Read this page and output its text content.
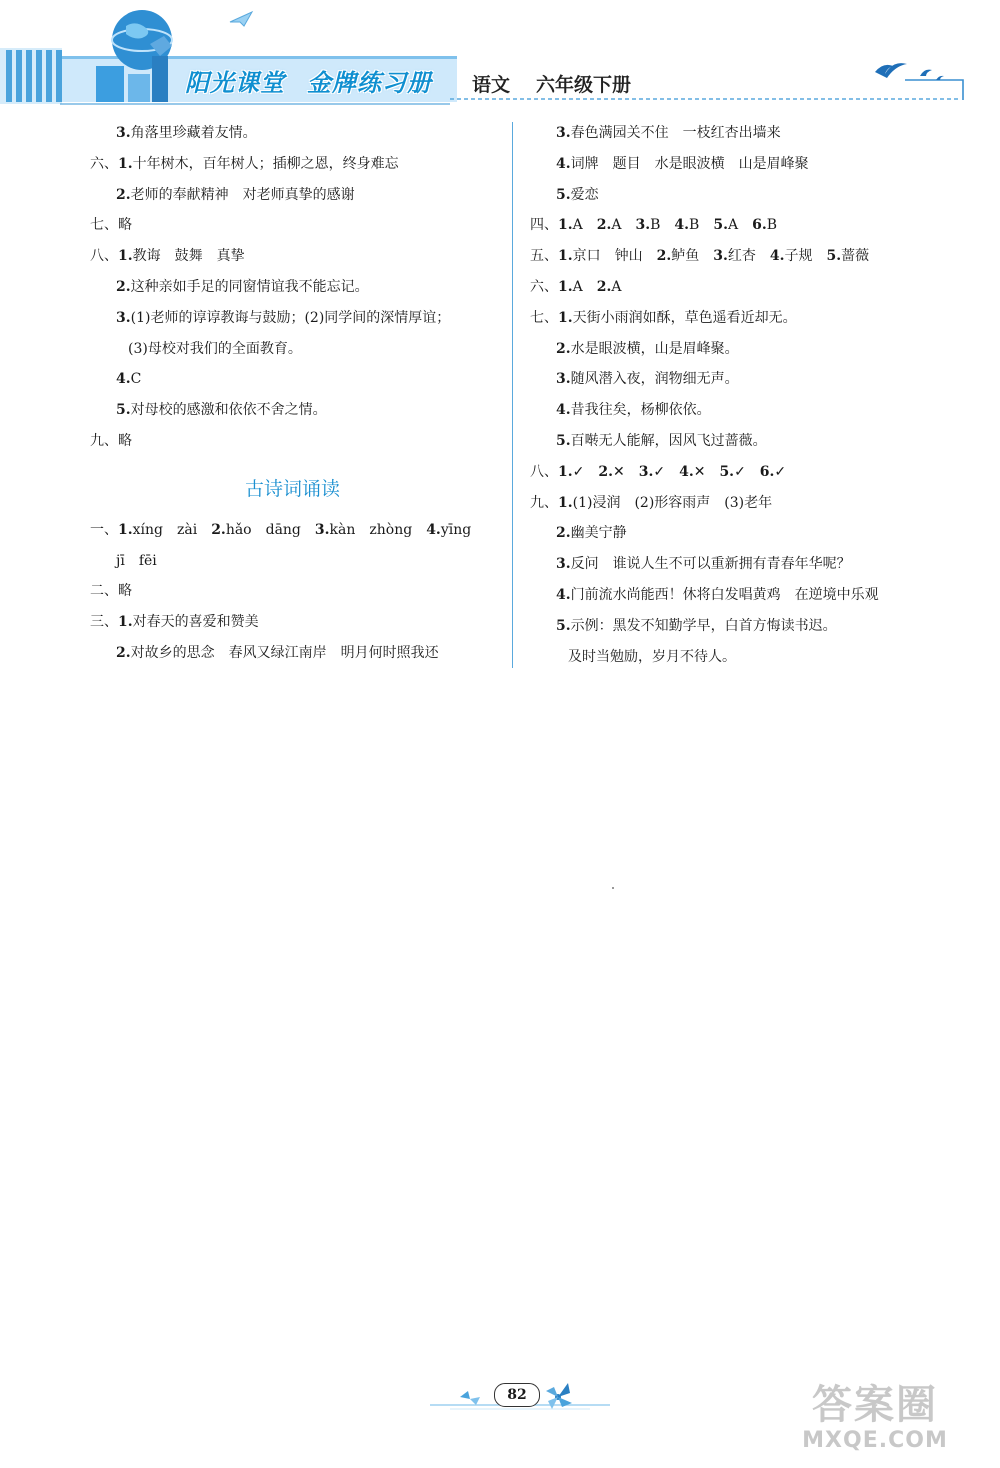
阳光课堂 金牌练习册	语文 六年级下册
3.角落里珍藏着友情。
六、1.十年树木，百年树人；插柳之恩，终身难忘
2.老师的奉献精神　对老师真挚的感谢
七、略
八、1.教诲　鼓舞　真挚
2.这种亲如手足的同窗情谊我不能忘记。
3.(1)老师的谆谆教诲与鼓励；(2)同学间的深情厚谊；
(3)母校对我们的全面教育。
4.C
5.对母校的感激和依依不舍之情。
九、略
古诗词诵读
一、1.xíng　zài　2.hǎo　dāng　3.kàn　zhòng　4.yīng
jī　fēi
二、略
三、1.对春天的喜爱和赞美
2.对故乡的思念　春风又绿江南岸　明月何时照我还
3.春色满园关不住　一枝红杏出墙来
4.词牌　题目　水是眼波横　山是眉峰聚
5.爱恋
四、1.A　2.A　3.B　4.B　5.A　6.B
五、1.京口　钟山　2.鲈鱼　3.红杏　4.子规　5.蔷薇
六、1.A　2.A
七、1.天街小雨润如酥，草色遥看近却无。
2.水是眼波横，山是眉峰聚。
3.随风潜入夜，润物细无声。
4.昔我往矣，杨柳依依。
5.百啭无人能解，因风飞过蔷薇。
八、1.✓　2.✕　3.✓　4.✕　5.✓　6.✓
九、1.(1)浸润　(2)形容雨声　(3)老年
2.幽美宁静
3.反问　谁说人生不可以重新拥有青春年华呢？
4.门前流水尚能西！休将白发唱黄鸡　在逆境中乐观
5.示例：黑发不知勤学早，白首方悔读书迟。
及时当勉励，岁月不待人。
82	答案圈
MXQE.COM
